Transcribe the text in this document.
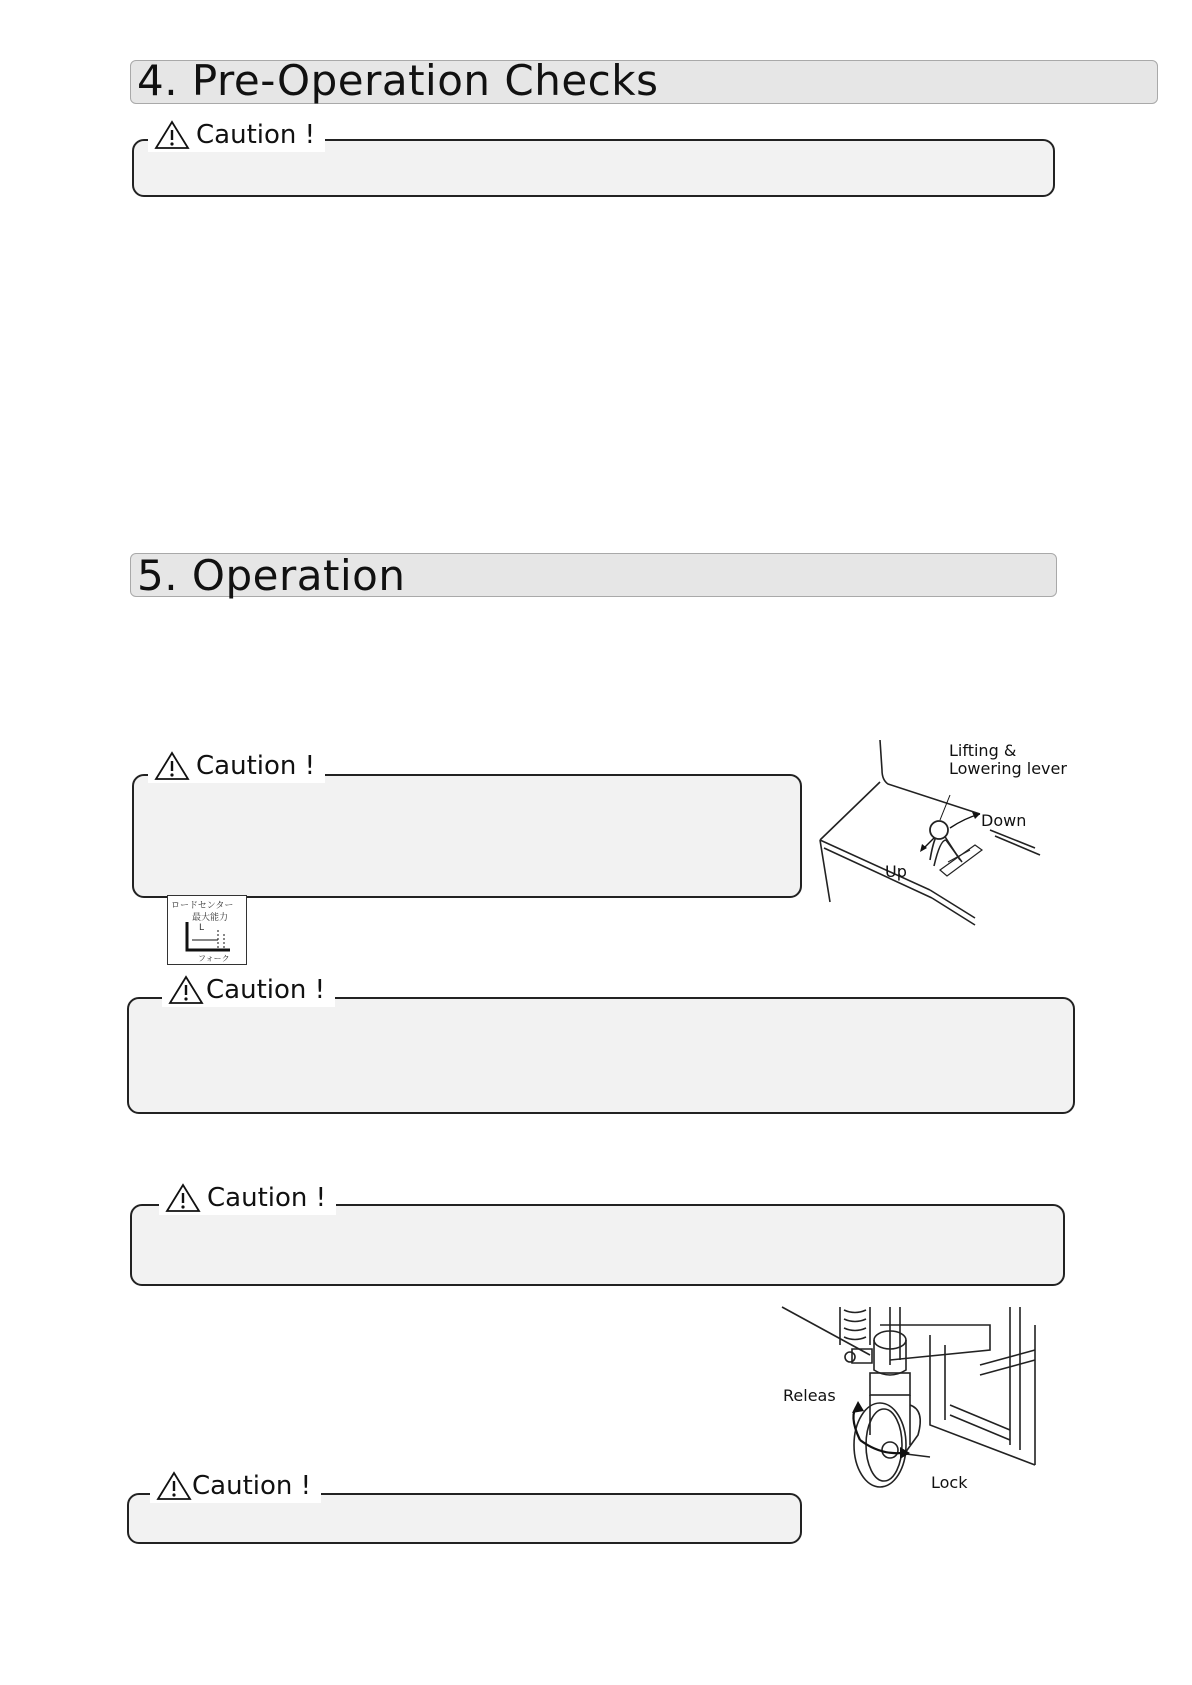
4. Pre-Operation Checks
Caution !
5. Operation
Caution !
Lifting &
Lowering lever
Down
Up
ロードセンター
最大能力
L
フォーク
Caution !
Caution !
Releas
Lock
Caution !
